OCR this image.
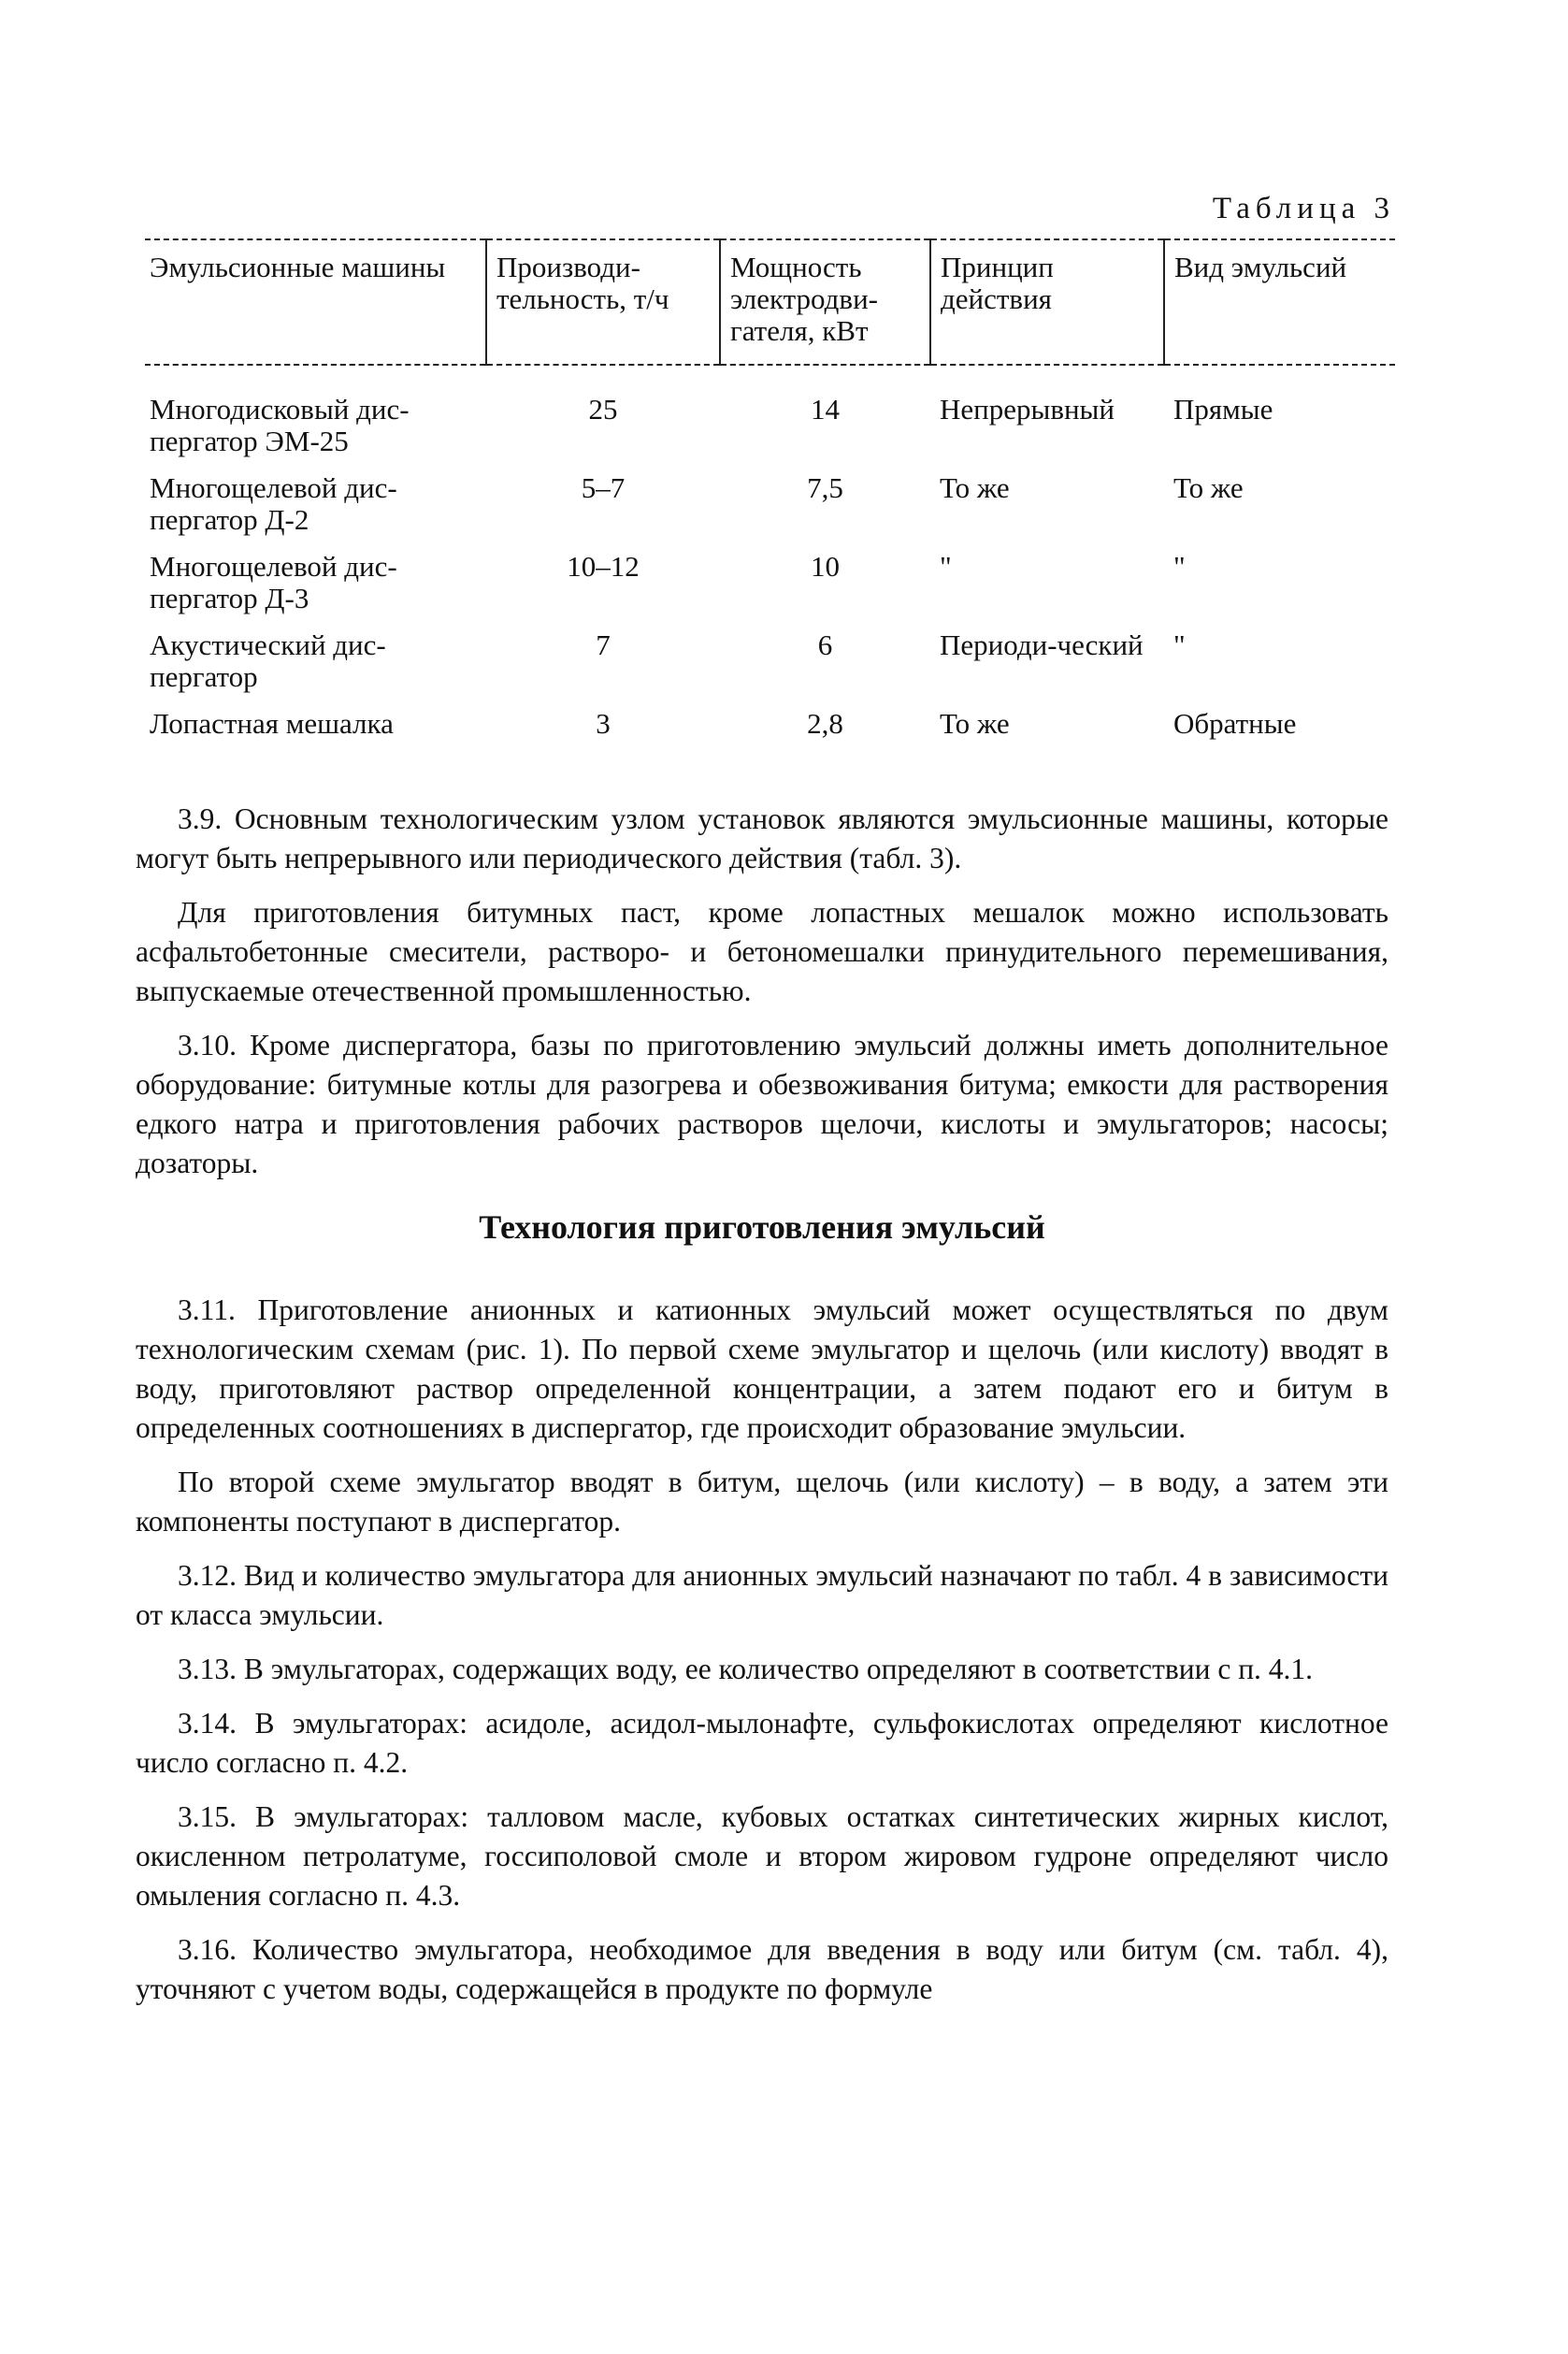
Таблица 3
Эмульсионные машины	Производи-тельность, т/ч	Мощность электродви-гателя, кВт	Принцип действия	Вид эмульсий
Многодисковый дис-пергатор ЭМ-25	25	14	Непрерывный	Прямые
Многощелевой дис-пергатор Д-2	5–7	7,5	То же	То же
Многощелевой дис-пергатор Д-3	10–12	10	"	"
Акустический дис-пергатор	7	6	Периоди-ческий	"
Лопастная мешалка	3	2,8	То же	Обратные

3.9. Основным технологическим узлом установок являются эмульсионные машины, которые могут быть непрерывного или периодического действия (табл. 3).

Для приготовления битумных паст, кроме лопастных мешалок можно использовать асфальтобетонные смесители, растворо- и бетономешалки принудительного перемешивания, выпускаемые отечественной промышленностью.

3.10. Кроме диспергатора, базы по приготовлению эмульсий должны иметь дополнительное оборудование: битумные котлы для разогрева и обезвоживания битума; емкости для растворения едкого натра и приготовления рабочих растворов щелочи, кислоты и эмульгаторов; насосы; дозаторы.

Технология приготовления эмульсий

3.11. Приготовление анионных и катионных эмульсий может осуществляться по двум технологическим схемам (рис. 1). По первой схеме эмульгатор и щелочь (или кислоту) вводят в воду, приготовляют раствор определенной концентрации, а затем подают его и битум в определенных соотношениях в диспергатор, где происходит образование эмульсии.

По второй схеме эмульгатор вводят в битум, щелочь (или кислоту) – в воду, а затем эти компоненты поступают в диспергатор.

3.12. Вид и количество эмульгатора для анионных эмульсий назначают по табл. 4 в зависимости от класса эмульсии.

3.13. В эмульгаторах, содержащих воду, ее количество определяют в соответствии с п. 4.1.

3.14. В эмульгаторах: асидоле, асидол-мылонафте, сульфокислотах определяют кислотное число согласно п. 4.2.

3.15. В эмульгаторах: талловом масле, кубовых остатках синтетических жирных кислот, окисленном петролатуме, госсиполовой смоле и втором жировом гудроне определяют число омыления согласно п. 4.3.

3.16. Количество эмульгатора, необходимое для введения в воду или битум (см. табл. 4), уточняют с учетом воды, содержащейся в продукте по формуле
